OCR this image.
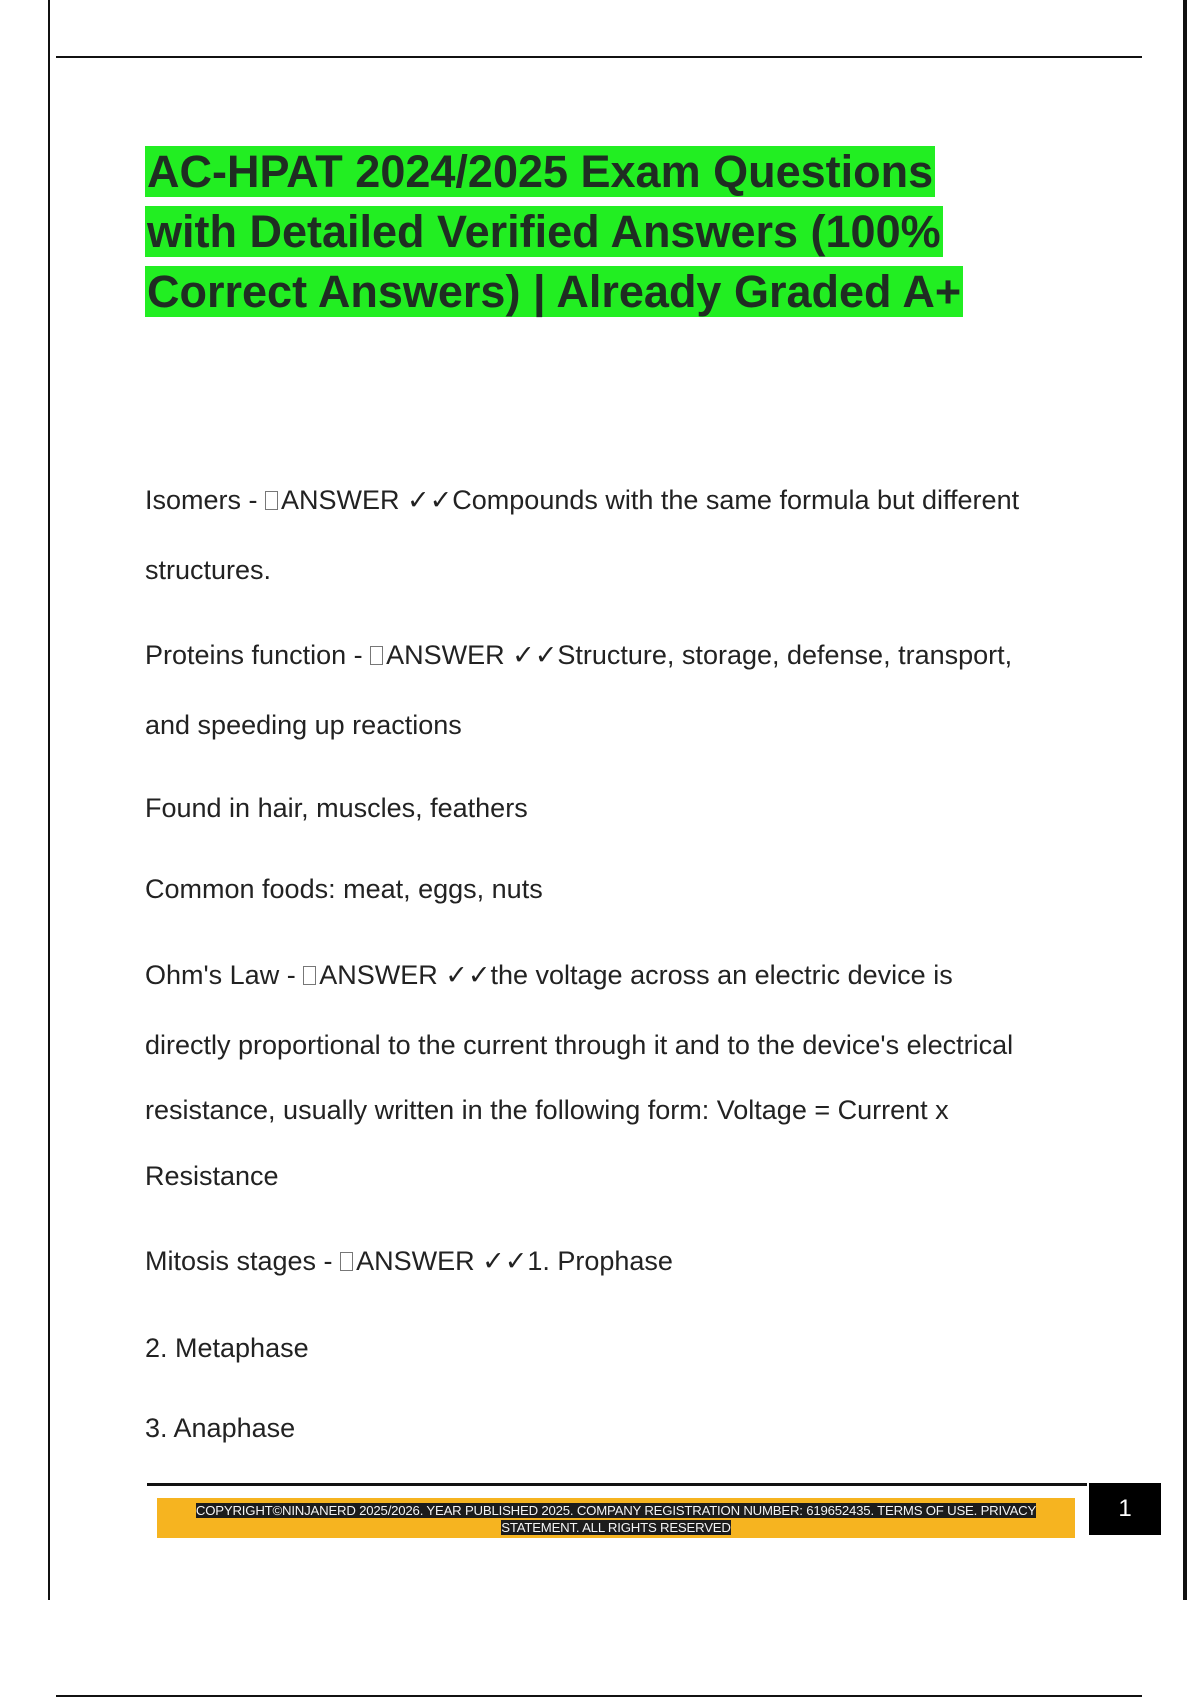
AC-HPAT 2024/2025 Exam Questions
with Detailed Verified Answers (100%
Correct Answers) | Already Graded A+
Isomers - ANSWER ✓✓Compounds with the same formula but different
structures.
Proteins function - ANSWER ✓✓Structure, storage, defense, transport,
and speeding up reactions
Found in hair, muscles, feathers
Common foods: meat, eggs, nuts
Ohm's Law - ANSWER ✓✓the voltage across an electric device is
directly proportional to the current through it and to the device's electrical
resistance, usually written in the following form: Voltage = Current x
Resistance
Mitosis stages - ANSWER ✓✓1. Prophase
2. Metaphase
3. Anaphase
COPYRIGHT©NINJANERD 2025/2026. YEAR PUBLISHED 2025. COMPANY REGISTRATION NUMBER: 619652435. TERMS OF USE. PRIVACY
STATEMENT. ALL RIGHTS RESERVED
1
